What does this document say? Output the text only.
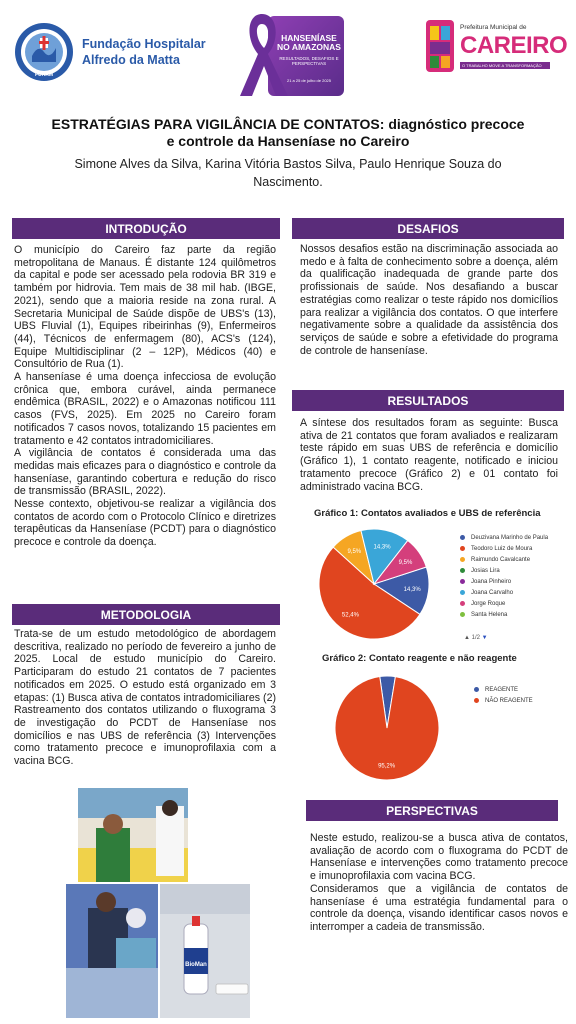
FUHAM
Fundação Hospitalar
Alfredo da Matta
HANSENÍASE NO AMAZONAS
RESULTADOS, DESAFIOS E PERSPECTIVAS
21 a 25 de julho de 2025
Prefeitura Municipal de
CAREIRO
O TRABALHO MOVE A TRANSFORMAÇÃO
ESTRATÉGIAS PARA VIGILÂNCIA DE CONTATOS: diagnóstico precoce
e controle da Hanseníase no Careiro
Simone Alves da Silva, Karina Vitória Bastos Silva, Paulo Henrique Souza do Nascimento.
INTRODUÇÃO

O município do Careiro faz parte da região metropolitana de Manaus. É distante 124 quilômetros da capital e pode ser acessado pela rodovia BR 319 e também por hidrovia. Tem mais de 38 mil hab. (IBGE, 2021), sendo que a maioria reside na zona rural. A Secretaria Municipal de Saúde dispõe de UBS's (13), UBS Fluvial (1), Equipes ribeirinhas (9), Enfermeiros (44), Técnicos de enfermagem (80), ACS's (124), Equipe Multidisciplinar (2 – 12P), Médicos (40) e Consultório de Rua (1).

A hanseníase é uma doença infecciosa de evolução crônica que, embora curável, ainda permanece endêmica (BRASIL, 2022) e o Amazonas notificou 111 casos (FVS, 2025). Em 2025 no Careiro foram notificados 7 casos novos, totalizando 15 pacientes em tratamento e 42 contatos intradomiciliares.

A vigilância de contatos é considerada uma das medidas mais eficazes para o diagnóstico e controle da hanseníase, garantindo cobertura e redução do risco de transmissão (BRASIL, 2022).

Nesse contexto, objetivou-se realizar a vigilância dos contatos de acordo com o Protocolo Clínico e diretrizes terapêuticas da Hanseníase (PCDT) para o diagnóstico precoce e controle da doença.

METODOLOGIA

Trata-se de um estudo metodológico de abordagem descritiva, realizado no período de fevereiro a junho de 2025. Local de estudo município do Careiro. Participaram do estudo 21 contatos de 7 pacientes notificados em 2025. O estudo está organizado em 3 etapas: (1) Busca ativa de contatos intradomiciliares (2) Rastreamento dos contatos utilizando o fluxograma 3 de investigação do PCDT de Hanseníase nos domicílios e nas UBS de referência (3) Intervenções como tratamento precoce e imunoprofilaxia com a vacina BCG.

BioMan
DESAFIOS

Nossos desafios estão na discriminação associada ao medo e à falta de conhecimento sobre a doença, além da qualificação inadequada de grande parte dos profissionais de saúde. Nos desafiando a buscar estratégias como realizar o teste rápido nos domicílios para realizar a vigilância dos contatos. O que interfere negativamente sobre a qualidade da assistência dos serviços de saúde e sobre a efetividade do programa de controle de hanseníase.

RESULTADOS

A síntese dos resultados foram as seguinte: Busca ativa de 21 contatos que foram avaliados e realizaram teste rápido em suas UBS de referência e domicílio (Gráfico 1), 1 contato reagente, notificado e iniciou tratamento precoce (Gráfico 2) e 01 contato foi administrado vacina BCG.

Gráfico 1: Contatos avaliados e UBS de referência
14,3%
52,4%
9,5%
14,3%
9,5%
Deuzivana Marinho de Paula
Teodoro Luiz de Moura
Raimundo Cavalcante
Josias Lira
Joana Pinheiro
Joana Carvalho
Jorge Roque
Santa Helena
▲ 1/2 ▼
Gráfico 2: Contato reagente e não reagente
95,2%
REAGENTE
NÃO REAGENTE
PERSPECTIVAS

Neste estudo, realizou-se a busca ativa de contatos, avaliação de acordo com o fluxograma do PCDT de Hanseníase e intervenções como tratamento precoce e imunoprofilaxia com vacina BCG.

Consideramos que a vigilância de contatos de hanseníase é uma estratégia fundamental para o controle da doença, visando identificar casos novos e interromper a cadeia de transmissão.
